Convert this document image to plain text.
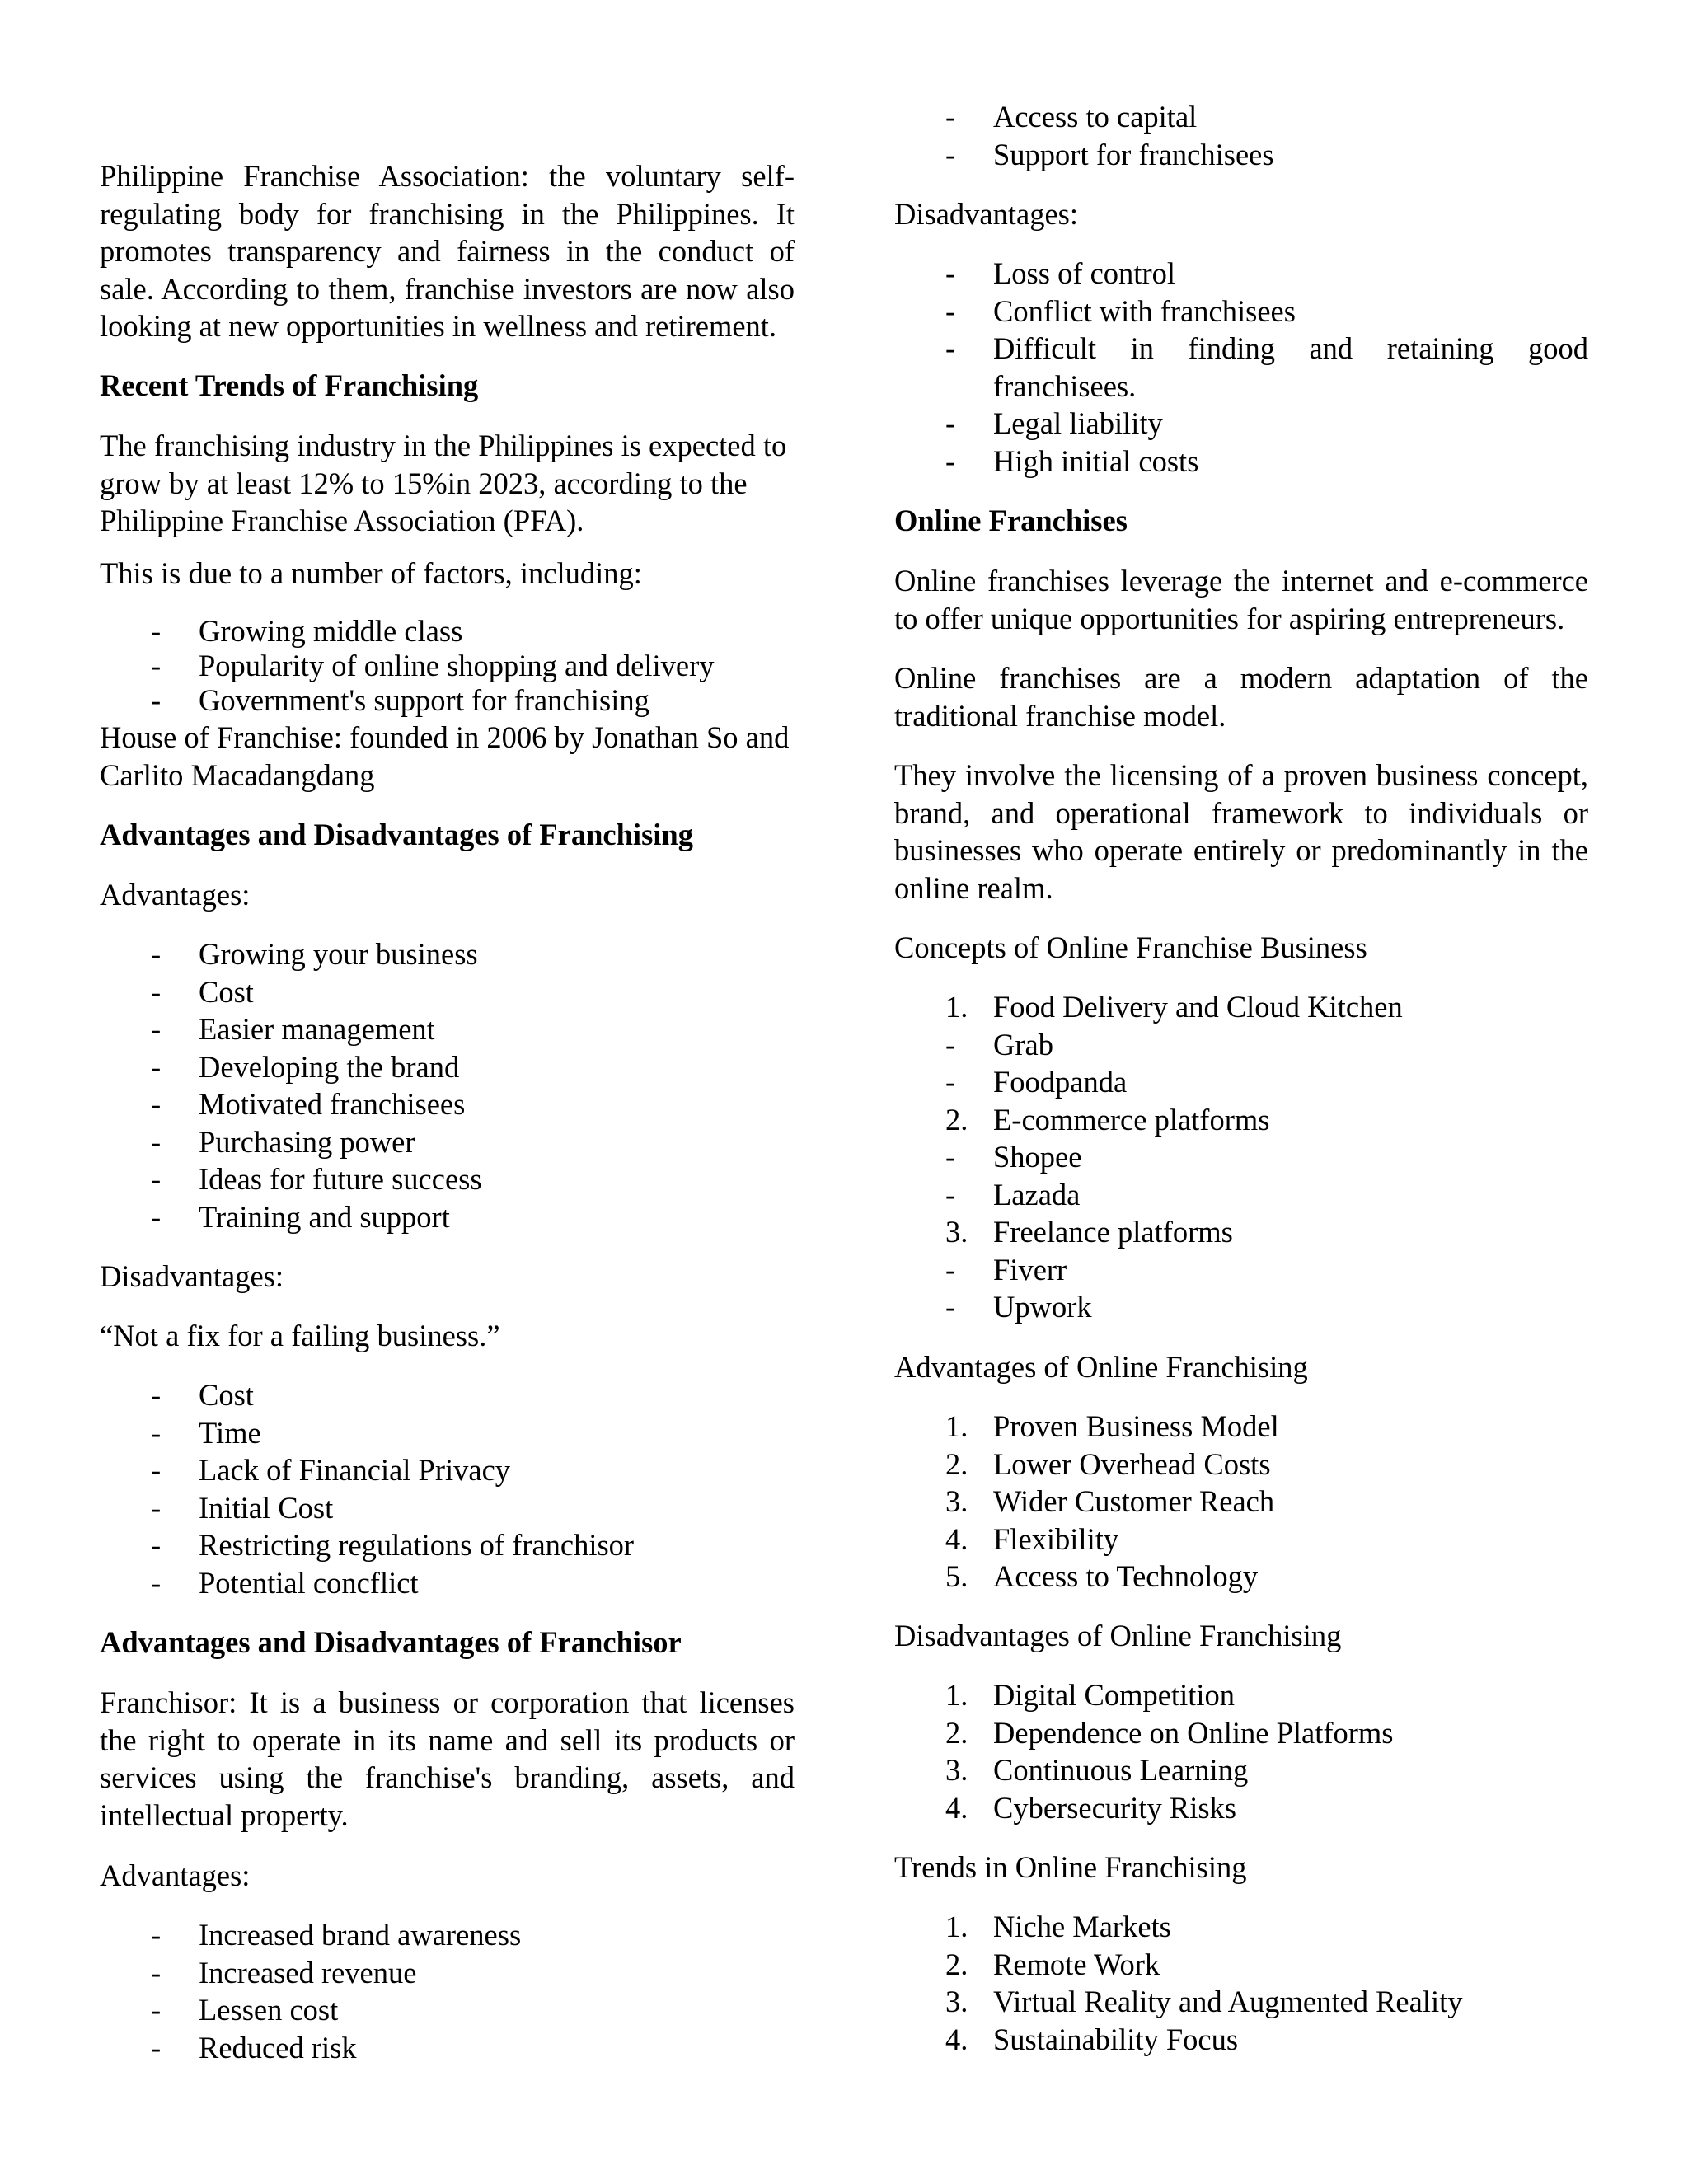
Philippine Franchise Association: the voluntary self-regulating body for franchising in the Philippines. It promotes transparency and fairness in the conduct of sale. According to them, franchise investors are now also looking at new opportunities in wellness and retirement.

Recent Trends of Franchising

The franchising industry in the Philippines is expected to grow by at least 12% to 15%in 2023, according to the Philippine Franchise Association (PFA).

This is due to a number of factors, including:

- Growing middle class
- Popularity of online shopping and delivery
- Government's support for franchising

House of Franchise: founded in 2006 by Jonathan So and Carlito Macadangdang

Advantages and Disadvantages of Franchising

Advantages:

- Growing your business
- Cost
- Easier management
- Developing the brand
- Motivated franchisees
- Purchasing power
- Ideas for future success
- Training and support

Disadvantages:

“Not a fix for a failing business.”

- Cost
- Time
- Lack of Financial Privacy
- Initial Cost
- Restricting regulations of franchisor
- Potential concflict

Advantages and Disadvantages of Franchisor

Franchisor: It is a business or corporation that licenses the right to operate in its name and sell its products or services using the franchise's branding, assets, and intellectual property.

Advantages:

- Increased brand awareness
- Increased revenue
- Lessen cost
- Reduced risk
- Access to capital
- Support for franchisees

Disadvantages:

- Loss of control
- Conflict with franchisees
- Difficult in finding and retaining good franchisees.
- Legal liability
- High initial costs

Online Franchises

Online franchises leverage the internet and e-commerce to offer unique opportunities for aspiring entrepreneurs.

Online franchises are a modern adaptation of the traditional franchise model.

They involve the licensing of a proven business concept, brand, and operational framework to individuals or businesses who operate entirely or predominantly in the online realm.

Concepts of Online Franchise Business

1. Food Delivery and Cloud Kitchen
- Grab
- Foodpanda
2. E-commerce platforms
- Shopee
- Lazada
3. Freelance platforms
- Fiverr
- Upwork

Advantages of Online Franchising

1. Proven Business Model
2. Lower Overhead Costs
3. Wider Customer Reach
4. Flexibility
5. Access to Technology

Disadvantages of Online Franchising

1. Digital Competition
2. Dependence on Online Platforms
3. Continuous Learning
4. Cybersecurity Risks

Trends in Online Franchising

1. Niche Markets
2. Remote Work
3. Virtual Reality and Augmented Reality
4. Sustainability Focus
